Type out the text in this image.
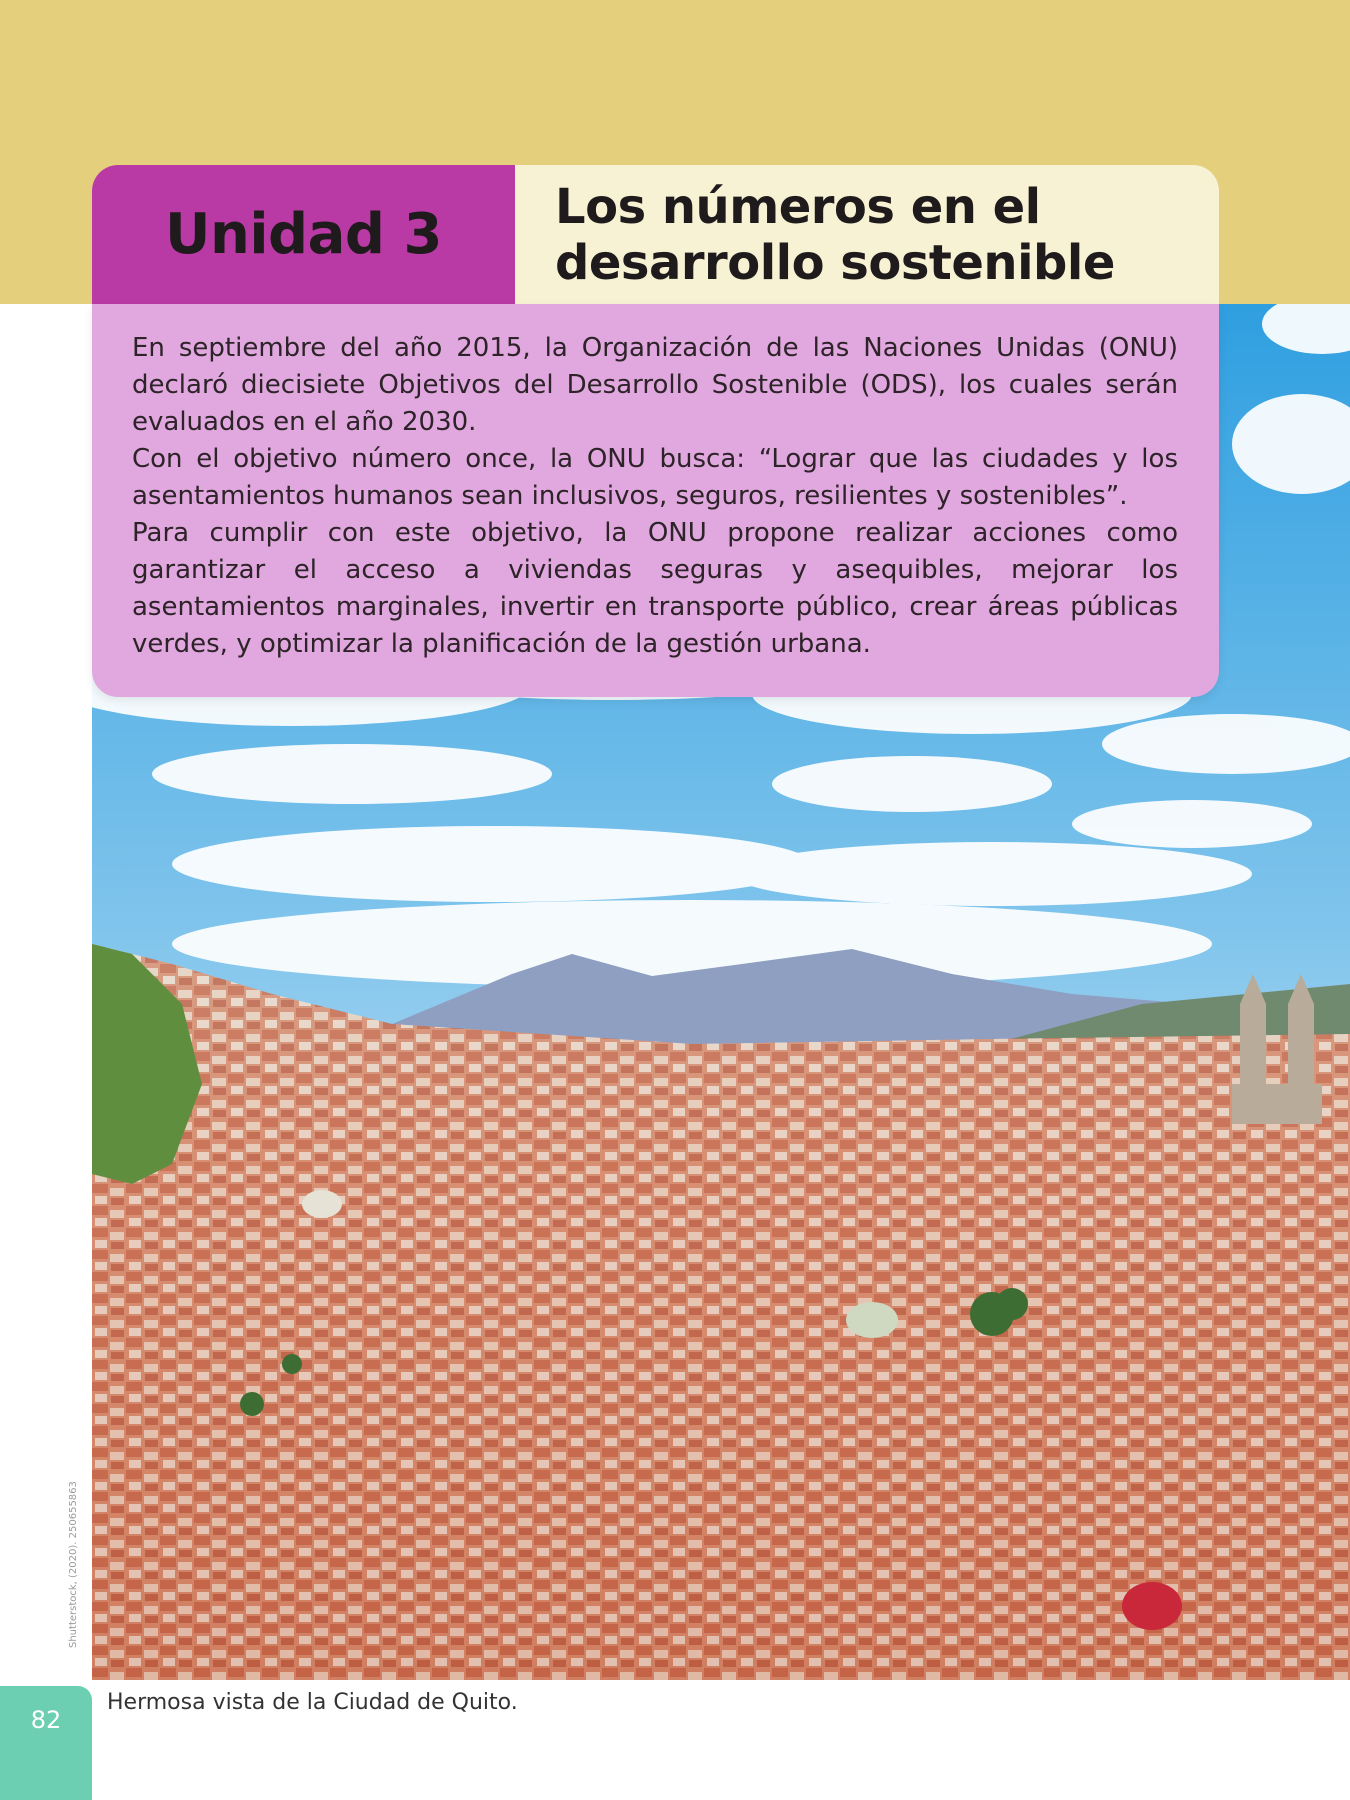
Unidad 3	Los números en el
desarrollo sostenible

En septiembre del año 2015, la Organización de las Naciones Unidas (ONU) declaró diecisiete Objetivos del Desarrollo Sostenible (ODS), los cuales serán evaluados en el año 2030.

Con el objetivo número once, la ONU busca: “Lograr que las ciudades y los asentamientos humanos sean inclusivos, seguros, resilientes y sostenibles”.

Para cumplir con este objetivo, la ONU propone realizar acciones como garantizar el acceso a viviendas seguras y asequibles, mejorar los asentamientos marginales, invertir en transporte público, crear áreas públicas verdes, y optimizar la planificación de la gestión urbana.

Shutterstock, (2020). 250655863
82

Hermosa vista de la Ciudad de Quito.
